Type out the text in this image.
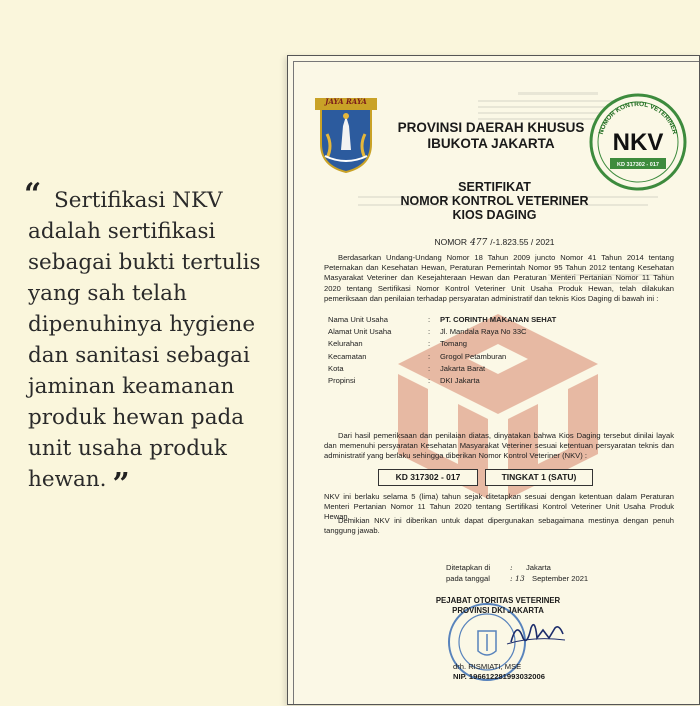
“ Sertifikasi NKV adalah sertifikasi sebagai bukti tertulis yang sah telah dipenuhinya hygiene dan sanitasi sebagai jaminan keamanan produk hewan pada unit usaha produk hewan. ”

JAYA RAYA
PROVINSI DAERAH KHUSUS
IBUKOTA JAKARTA
NOMOR KONTROL VETERINER
NKV
KD 317302 - 017
SERTIFIKAT
NOMOR KONTROL VETERINER
KIOS DAGING
NOMOR 477 /-1.823.55 / 2021
Berdasarkan Undang-Undang Nomor 18 Tahun 2009 juncto Nomor 41 Tahun 2014 tentang Peternakan dan Kesehatan Hewan, Peraturan Pemerintah Nomor 95 Tahun 2012 tentang Kesehatan Masyarakat Veteriner dan Kesejahteraan Hewan dan Peraturan Menteri Pertanian Nomor 11 Tahun 2020 tentang Sertifikasi Nomor Kontrol Veteriner Unit Usaha Produk Hewan, telah dilakukan pemeriksaan dan penilaian terhadap persyaratan administratif dan teknis Kios Daging di bawah ini :
Nama Unit Usaha	:	PT. CORINTH MAKANAN SEHAT
Alamat Unit Usaha	:	Jl. Mandala Raya No 33C
Kelurahan	:	Tomang
Kecamatan	:	Grogol Petamburan
Kota	:	Jakarta Barat
Propinsi	:	DKI Jakarta
Dari hasil pemeriksaan dan penilaian diatas, dinyatakan bahwa Kios Daging tersebut dinilai layak dan memenuhi persyaratan Kesehatan Masyarakat Veteriner sesuai ketentuan persyaratan teknis dan administratif yang berlaku sehingga diberikan Nomor Kontrol Veteriner (NKV) :
KD 317302 - 017	TINGKAT 1 (SATU)
NKV ini berlaku selama 5 (lima) tahun sejak ditetapkan sesuai dengan ketentuan dalam Peraturan Menteri Pertanian Nomor 11 Tahun 2020 tentang Sertifikasi Kontrol Veteriner Unit Usaha Produk Hewan.
Demikian NKV ini diberikan untuk dapat dipergunakan sebagaimana mestinya dengan penuh tanggung jawab.
Ditetapkan di	:	Jakarta
pada tanggal	: 13 September 2021
PEJABAT OTORITAS VETERINER
PROVINSI DKI JAKARTA
drh. RISMIATI, MSE
NIP. 196612281993032006
